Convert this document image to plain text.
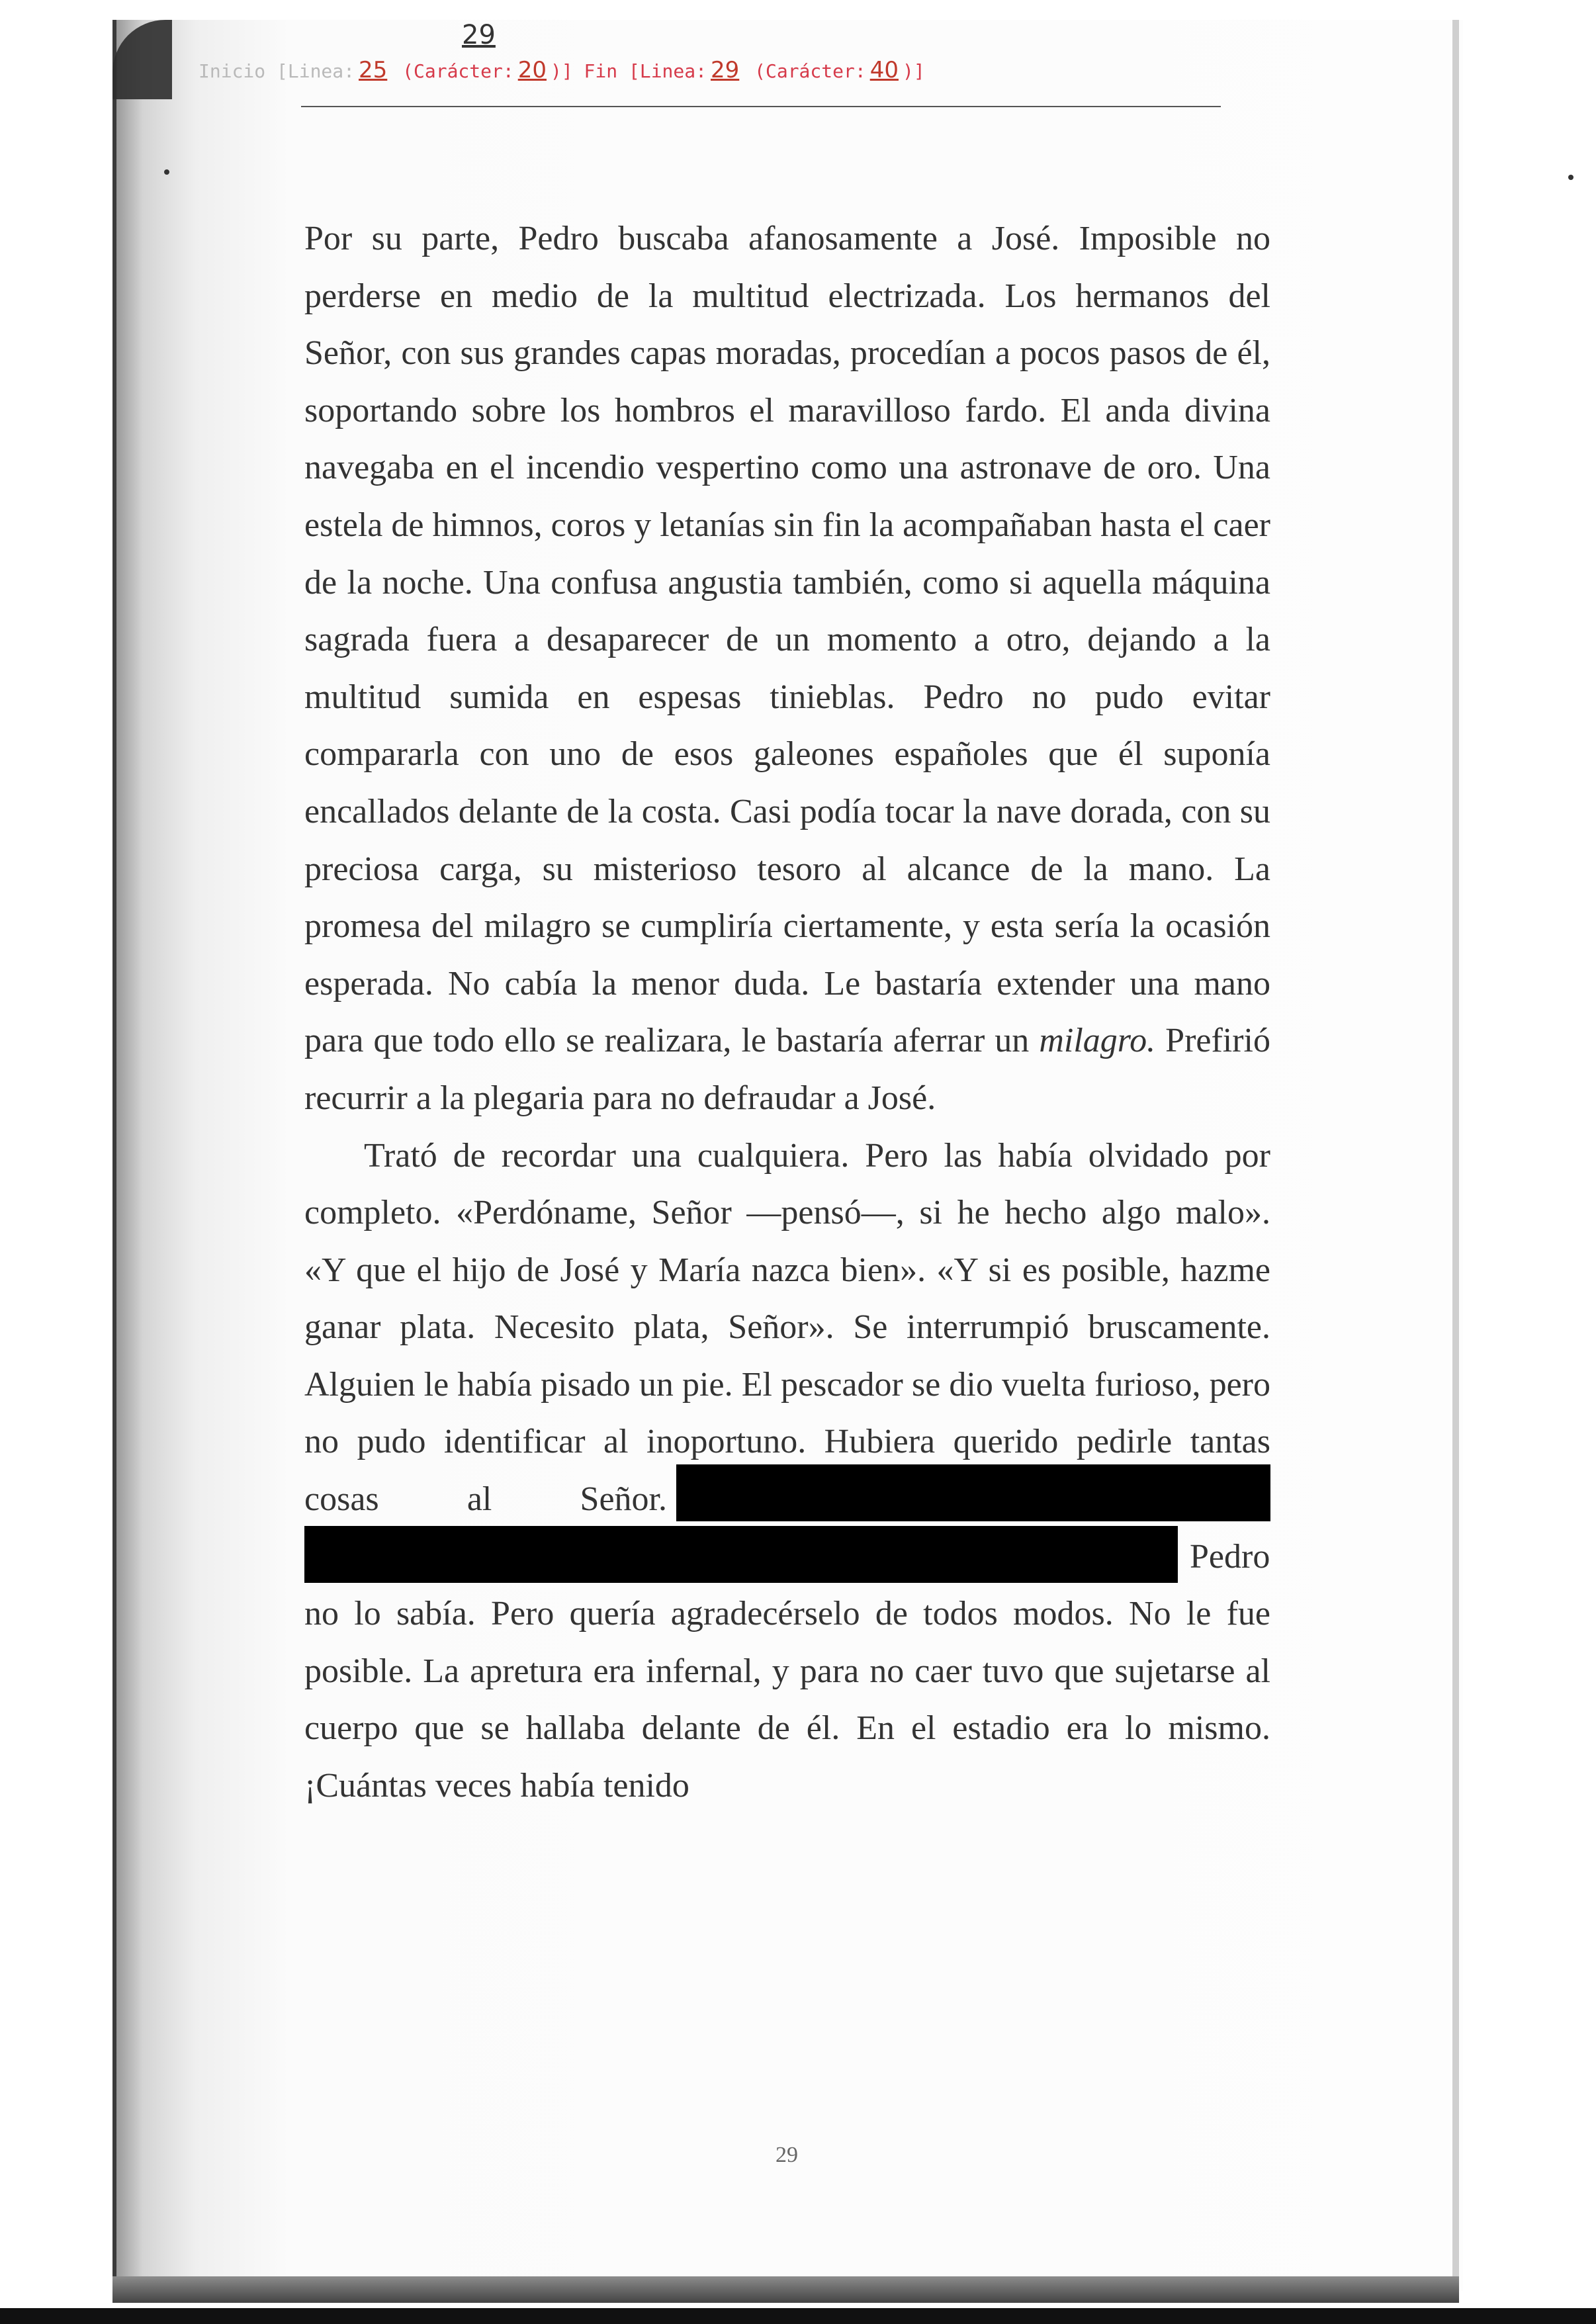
29
Inicio [Linea: 25 (Carácter: 20 )] Fin [Linea: 29 (Carácter: 40 )]

Por su parte, Pedro buscaba afanosamente a José. Imposible no perderse en medio de la multitud electrizada. Los hermanos del Señor, con sus grandes capas moradas, procedían a pocos pasos de él, soportando sobre los hombros el maravilloso fardo. El anda divina navegaba en el incendio vespertino como una astronave de oro. Una estela de himnos, coros y letanías sin fin la acompañaban hasta el caer de la noche. Una confusa angustia también, como si aquella máquina sagrada fuera a desaparecer de un momento a otro, dejando a la multitud sumida en espesas tinieblas. Pedro no pudo evitar compararla con uno de esos galeones españoles que él suponía encallados delante de la costa. Casi podía tocar la nave dorada, con su preciosa carga, su misterioso tesoro al alcance de la mano. La promesa del milagro se cumpliría ciertamente, y esta sería la ocasión esperada. No cabía la menor duda. Le bastaría extender una mano para que todo ello se realizara, le bastaría aferrar un milagro. Prefirió recurrir a la plegaria para no defraudar a José.

Trató de recordar una cualquiera. Pero las había olvidado por completo. «Perdóname, Señor —pensó—, si he hecho algo malo». «Y que el hijo de José y María nazca bien». «Y si es posible, hazme ganar plata. Necesito plata, Señor». Se interrumpió bruscamente. Alguien le había pisado un pie. El pescador se dio vuelta furioso, pero no pudo identificar al inoportuno. Hubiera querido pedirle tantas cosas al Señor. Pedro no lo sabía. Pero quería agradecérselo de todos modos. No le fue posible. La apretura era infernal, y para no caer tuvo que sujetarse al cuerpo que se hallaba delante de él. En el estadio era lo mismo. ¡Cuántas veces había tenido

29
